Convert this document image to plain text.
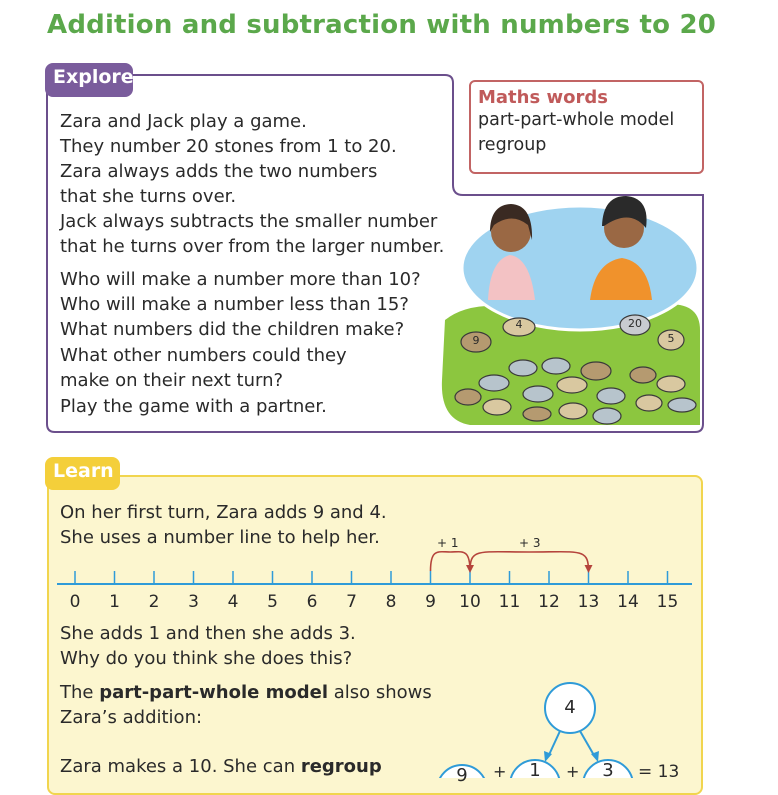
Addition and subtraction with numbers to 20
Explore
Maths words
part-part-whole model
regroup
Zara and Jack play a game.
They number 20 stones from 1 to 20.
Zara always adds the two numbers
that she turns over.
Jack always subtracts the smaller number
that he turns over from the larger number.
Who will make a number more than 10?
Who will make a number less than 15?
What numbers did the children make?
What other numbers could they
make on their next turn?
Play the game with a partner.
4
9
20
5
Learn
On her first turn, Zara adds 9 and 4.
She uses a number line to help her.
0	1	2	3	4	5	6	7	8	9	10 11 12 13 14 15
+ 1	+ 3
She adds 1 and then she adds 3.
Why do you think she does this?
The part-part-whole model also shows
Zara’s addition:
Zara makes a 10. She can regroup
4
9	1	3
+	+	= 13
